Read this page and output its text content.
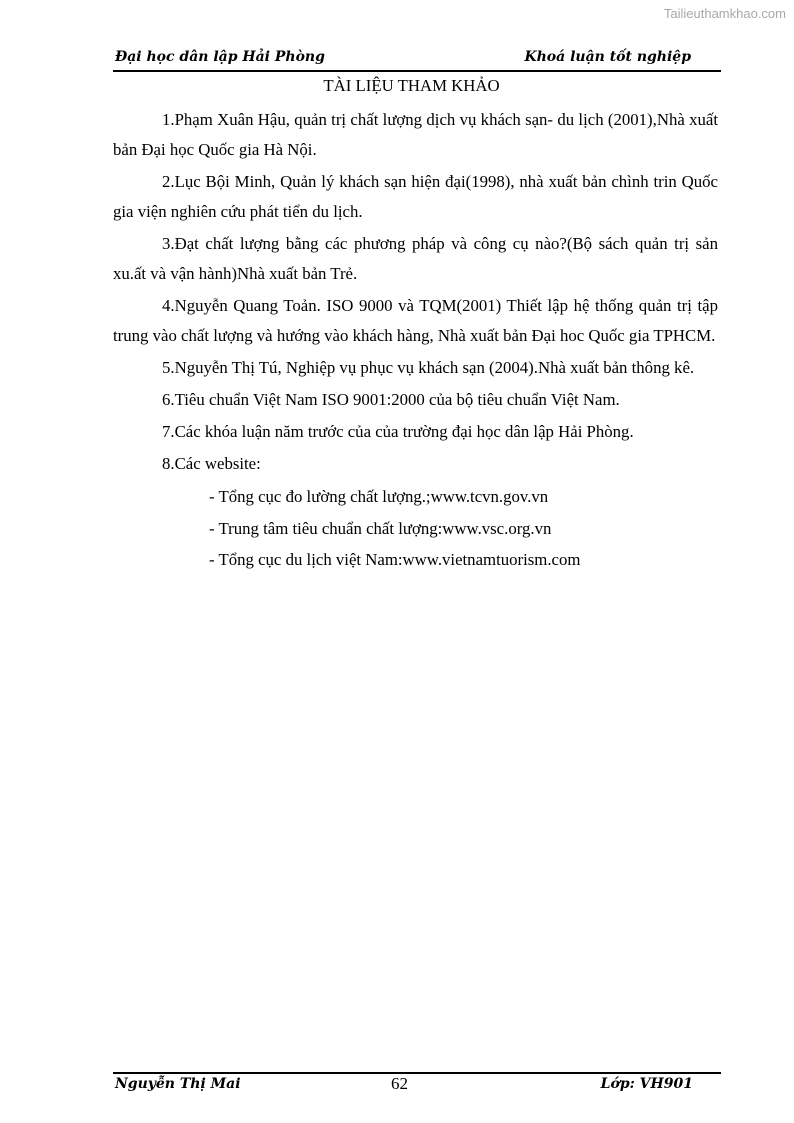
Tailieuthamkhao.com
Đại học dân lập Hải Phòng	Khoá luận tốt nghiệp

TÀI LIỆU THAM KHẢO

1.Phạm Xuân Hậu, quản trị chất lượng dịch vụ khách sạn- du lịch (2001),Nhà xuất bản Đại học Quốc gia Hà Nội.

2.Lục Bội Minh, Quản lý khách sạn hiện đại(1998), nhà xuất bản chình trin Quốc gia viện nghiên cứu phát tiển du lịch.

3.Đạt chất lượng bằng các phương pháp và công cụ nào?(Bộ sách quản trị sản xu.ất và vận hành)Nhà xuất bản Trẻ.

4.Nguyễn Quang Toản. ISO 9000 và TQM(2001) Thiết lập hệ thống quản trị tập trung vào chất lượng và hướng vào khách hàng, Nhà xuất bản Đại hoc Quốc gia TPHCM.

5.Nguyễn Thị Tú, Nghiệp vụ phục vụ khách sạn (2004).Nhà xuất bản thông kê.

6.Tiêu chuẩn Việt Nam ISO 9001:2000 của bộ tiêu chuẩn Việt Nam.

7.Các khóa luận năm trước của của trường đại học dân lập Hải Phòng.

8.Các website:

- Tổng cục đo lường chất lượng.;www.tcvn.gov.vn

- Trung tâm tiêu chuẩn chất lượng:www.vsc.org.vn

- Tổng cục du lịch việt Nam:www.vietnamtuorism.com

Nguyễn Thị Mai	62	Lớp: VH901
